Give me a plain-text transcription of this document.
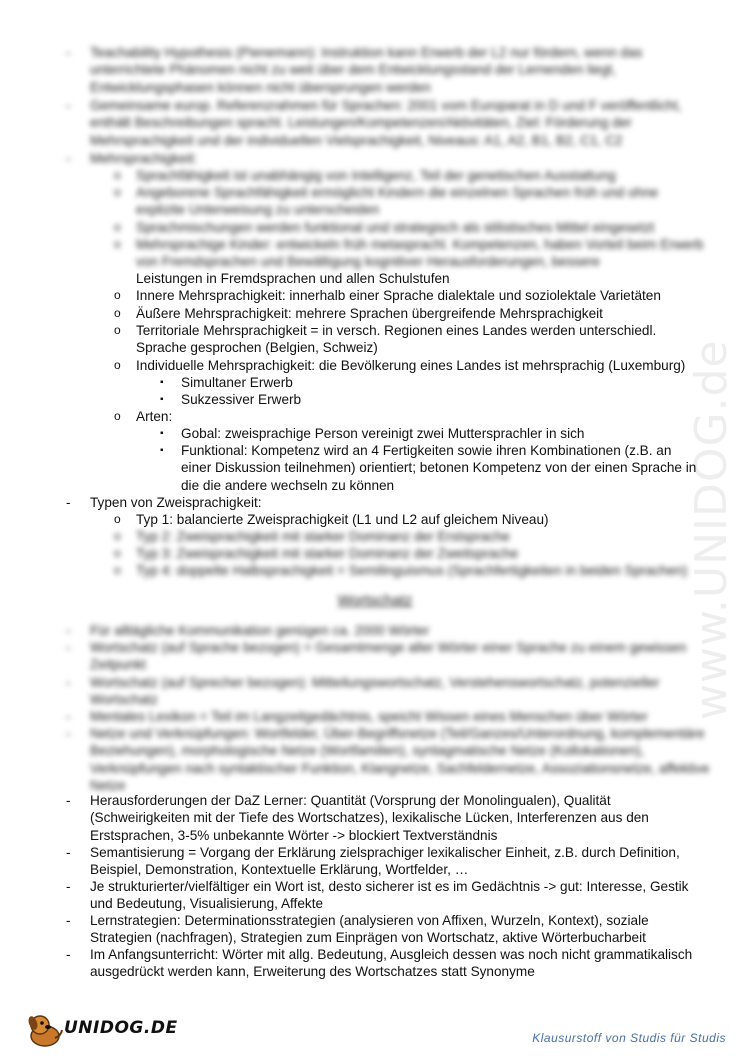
www.UNIDOG.de
-	Teachability Hypothesis (Pienemann): Instruktion kann Erwerb der L2 nur fördern, wenn das unterrichtete Phänomen nicht zu weit über dem Entwicklungsstand der Lernenden liegt, Entwicklungsphasen können nicht übersprungen werden
-	Gemeinsame europ. Referenzrahmen für Sprachen: 2001 vom Europarat in D und F veröffentlicht, enthält Beschreibungen sprachl. Leistungen/Kompetenzen/Aktivitäten, Ziel: Förderung der Mehrsprachigkeit und der individuellen Vielsprachigkeit, Niveaus: A1, A2, B1, B2, C1, C2
-	Mehrsprachigkeit:
o	Sprachfähigkeit ist unabhängig von Intelligenz, Teil der genetischen Ausstattung
o	Angeborene Sprachfähigkeit ermöglicht Kindern die einzelnen Sprachen früh und ohne explizite Unterweisung zu unterscheiden
o	Sprachmischungen werden funktional und strategisch als stilistisches Mittel eingesetzt
o	Mehrsprachige Kinder: entwickeln früh metasprachl. Kompetenzen, haben Vorteil beim Erwerb von Fremdsprachen und Bewältigung kognitiver Herausforderungen, bessere
Leistungen in Fremdsprachen und allen Schulstufen
o	Innere Mehrsprachigkeit: innerhalb einer Sprache dialektale und soziolektale Varietäten
o	Äußere Mehrsprachigkeit: mehrere Sprachen übergreifende Mehrsprachigkeit
o	Territoriale Mehrsprachigkeit = in versch. Regionen eines Landes werden unterschiedl. Sprache gesprochen (Belgien, Schweiz)
o	Individuelle Mehrsprachigkeit: die Bevölkerung eines Landes ist mehrsprachig (Luxemburg)
▪	Simultaner Erwerb
▪	Sukzessiver Erwerb
o	Arten:
▪	Gobal: zweisprachige Person vereinigt zwei Muttersprachler in sich
▪	Funktional: Kompetenz wird an 4 Fertigkeiten sowie ihren Kombinationen (z.B. an einer Diskussion teilnehmen) orientiert; betonen Kompetenz von der einen Sprache in die die andere wechseln zu können
-	Typen von Zweisprachigkeit:
o	Typ 1: balancierte Zweisprachigkeit (L1 und L2 auf gleichem Niveau)
o	Typ 2: Zweisprachigkeit mit starker Dominanz der Erstsprache
o	Typ 3: Zweisprachigkeit mit starker Dominanz der Zweitsprache
o	Typ 4: doppelte Halbsprachigkeit = Semilinguismus (Sprachfertigkeiten in beiden Sprachen)
Wortschatz
-	Für alltägliche Kommunikation genügen ca. 2000 Wörter
-	Wortschatz (auf Sprache bezogen) = Gesamtmenge aller Wörter einer Sprache zu einem gewissen Zeitpunkt
-	Wortschatz (auf Sprecher bezogen): Mitteilungswortschatz, Verstehenswortschatz, potenzieller Wortschatz
-	Mentales Lexikon = Teil im Langzeitgedächtnis, speicht Wissen eines Menschen über Wörter
-	Netze und Verknüpfungen: Wortfelder, Über-Begriffsnetze (Teil/Ganzes/Unterordnung, komplementäre Beziehungen), morphologische Netze (Wortfamilien), syntagmatische Netze (Kollokationen), Verknüpfungen nach syntaktischer Funktion, Klangnetze, Sachfeldernetze, Assoziationsnetze, affektive Netze
-	Herausforderungen der DaZ Lerner: Quantität (Vorsprung der Monolingualen), Qualität (Schweirigkeiten mit der Tiefe des Wortschatzes), lexikalische Lücken, Interferenzen aus den Erstsprachen, 3-5% unbekannte Wörter -> blockiert Textverständnis
-	Semantisierung = Vorgang der Erklärung zielsprachiger lexikalischer Einheit, z.B. durch Definition, Beispiel, Demonstration, Kontextuelle Erklärung, Wortfelder, …
-	Je strukturierter/vielfältiger ein Wort ist, desto sicherer ist es im Gedächtnis -> gut: Interesse, Gestik und Bedeutung, Visualisierung, Affekte
-	Lernstrategien: Determinationsstrategien (analysieren von Affixen, Wurzeln, Kontext), soziale Strategien (nachfragen), Strategien zum Einprägen von Wortschatz, aktive Wörterbucharbeit
-	Im Anfangsunterricht: Wörter mit allg. Bedeutung, Ausgleich dessen was noch nicht grammatikalisch ausgedrückt werden kann, Erweiterung des Wortschatzes statt Synonyme
UNIDOG.DE	Klausurstoff von Studis für Studis
